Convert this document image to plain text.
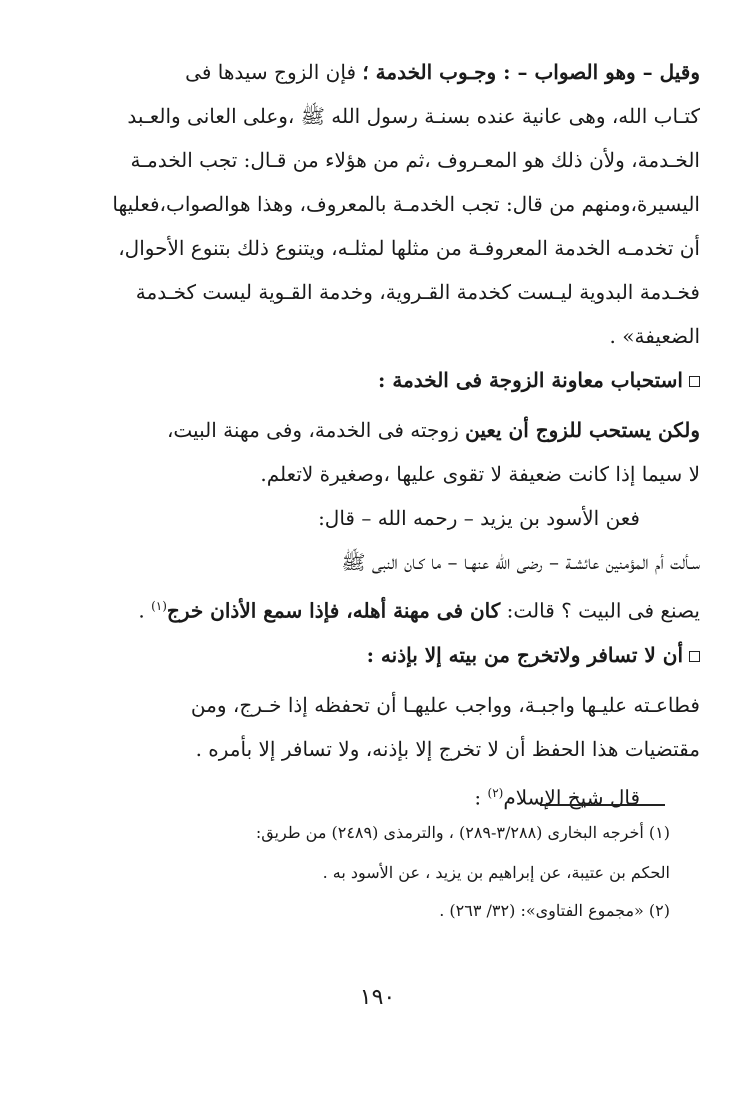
وقيل – وهو الصواب – : وجـوب الخدمة ؛ فإن الزوج سيدها فى
كتـاب الله، وهى عانية عنده بسنـة رسول الله ﷺ ،وعلى العانى والعـبد
الخـدمة، ولأن ذلك هو المعـروف ،ثم من هؤلاء من قـال: تجب الخدمـة
اليسيرة،ومنهم من قال: تجب الخدمـة بالمعروف، وهذا هوالصواب،فعليها
أن تخدمـه الخدمة المعروفـة من مثلها لمثلـه، ويتنوع ذلك بتنوع الأحوال،
فخـدمة البدوية ليـست كخدمة القـروية، وخدمة القـوية ليست كخـدمة
الضعيفة» .
استحباب معاونة الزوجة فى الخدمة :
ولكن يستحب للزوج أن يعين زوجته فى الخدمة، وفى مهنة البيت،
لا سيما إذا كانت ضعيفة لا تقوى عليها ،وصغيرة لاتعلم.
فعن الأسود بن يزيد – رحمه الله – قال:
سـألت أم المؤمنين عائشـة – رضى الله عنهـا – ما كـان النبى ﷺ
يصنع فى البيت ؟ قالت: كان فى مهنة أهله، فإذا سمع الأذان خرج$^{(١)}$ .
أن لا تسافر ولاتخرج من بيته إلا بإذنه :
فطاعـته عليـها واجبـة، وواجب عليهـا أن تحفظه إذا خـرج، ومن
مقتضيات هذا الحفظ أن لا تخرج إلا بإذنه، ولا تسافر إلا بأمره .
قال شيخ الإسلام$^{(٢)}$ :
(١) أخرجه البخارى (٣/٢٨٨-٢٨٩) ، والترمذى (٢٤٨٩) من طريق:
الحكم بن عتيبة، عن إبراهيم بن يزيد ، عن الأسود به .
(٢) «مجموع الفتاوى»: (٣٢/ ٢٦٣) .
١٩٠
